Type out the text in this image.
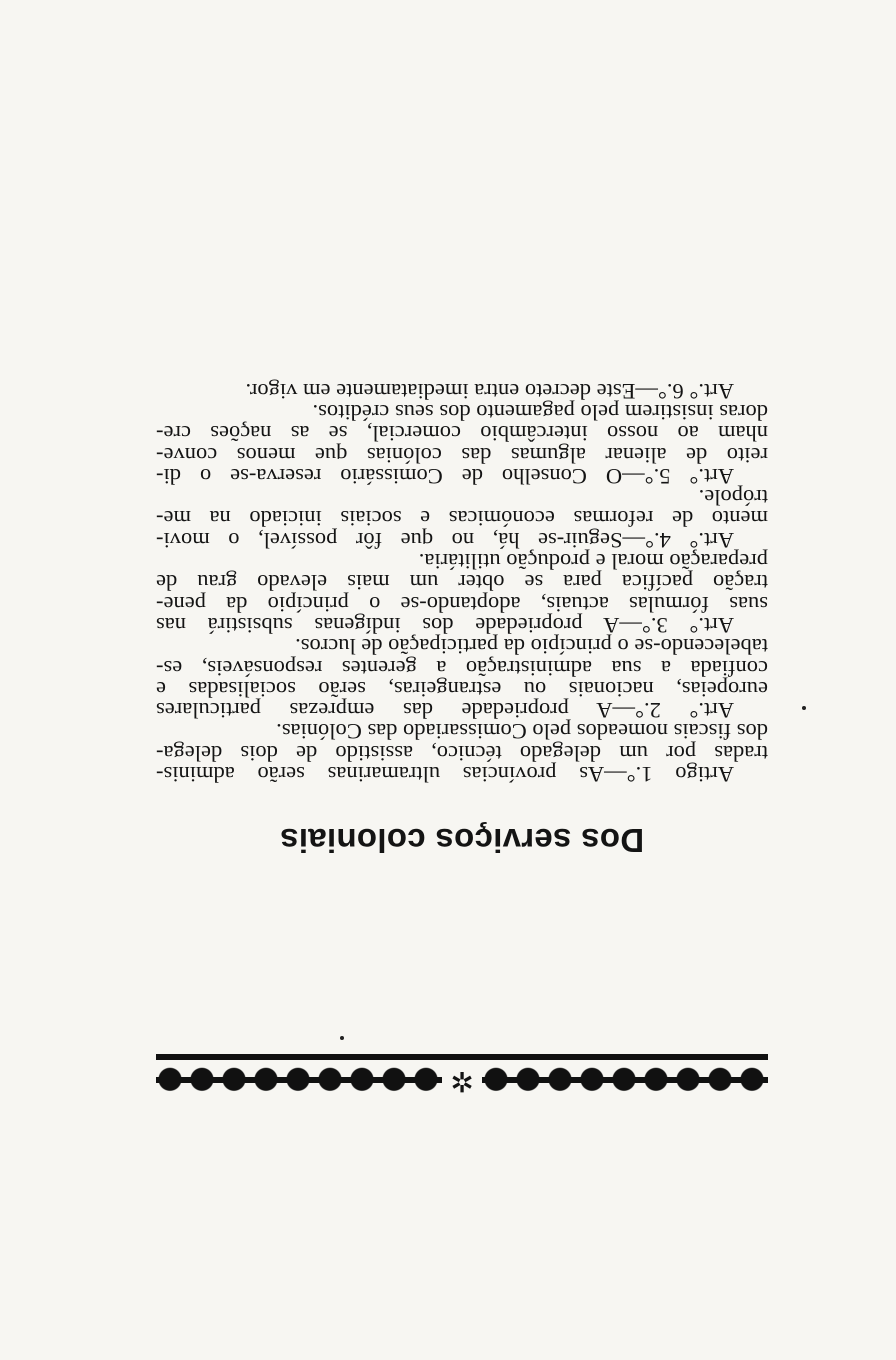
✲
Dos serviços coloniais
Artigo 1.°—As províncias ultramarinas serão adminis-
tradas por um delegado técnico, assistido de dois delega-
dos fiscais nomeados pelo Comissariado das Colónias.
Art.° 2.°—A propriedade das emprezas particulares
europeias, nacionais ou estrangeiras, serão socialisadas e
confiada a sua administração a gerentes responsáveis, es-
tabelecendo-se o princípio da participação de lucros.
Art.° 3.°—A propriedade dos indígenas subsistirá nas
suas fórmulas actuais, adoptando-se o princípio da pene-
tração pacífica para se obter um mais elevado grau de
preparação moral e produção utilitária.
Art.° 4.°—Seguir-se há, no que fôr possível, o movi-
mento de reformas económicas e sociais iniciado na me-
trópole.
Art.° 5.°—O Conselho de Comissário reserva-se o di-
reito de alienar algumas das colónias que menos conve-
nham ao nosso intercâmbio comercial, se as nações cre-
doras insistirem pelo pagamento dos seus créditos.
Art.° 6.°—Este decreto entra imediatamente em vigor.
